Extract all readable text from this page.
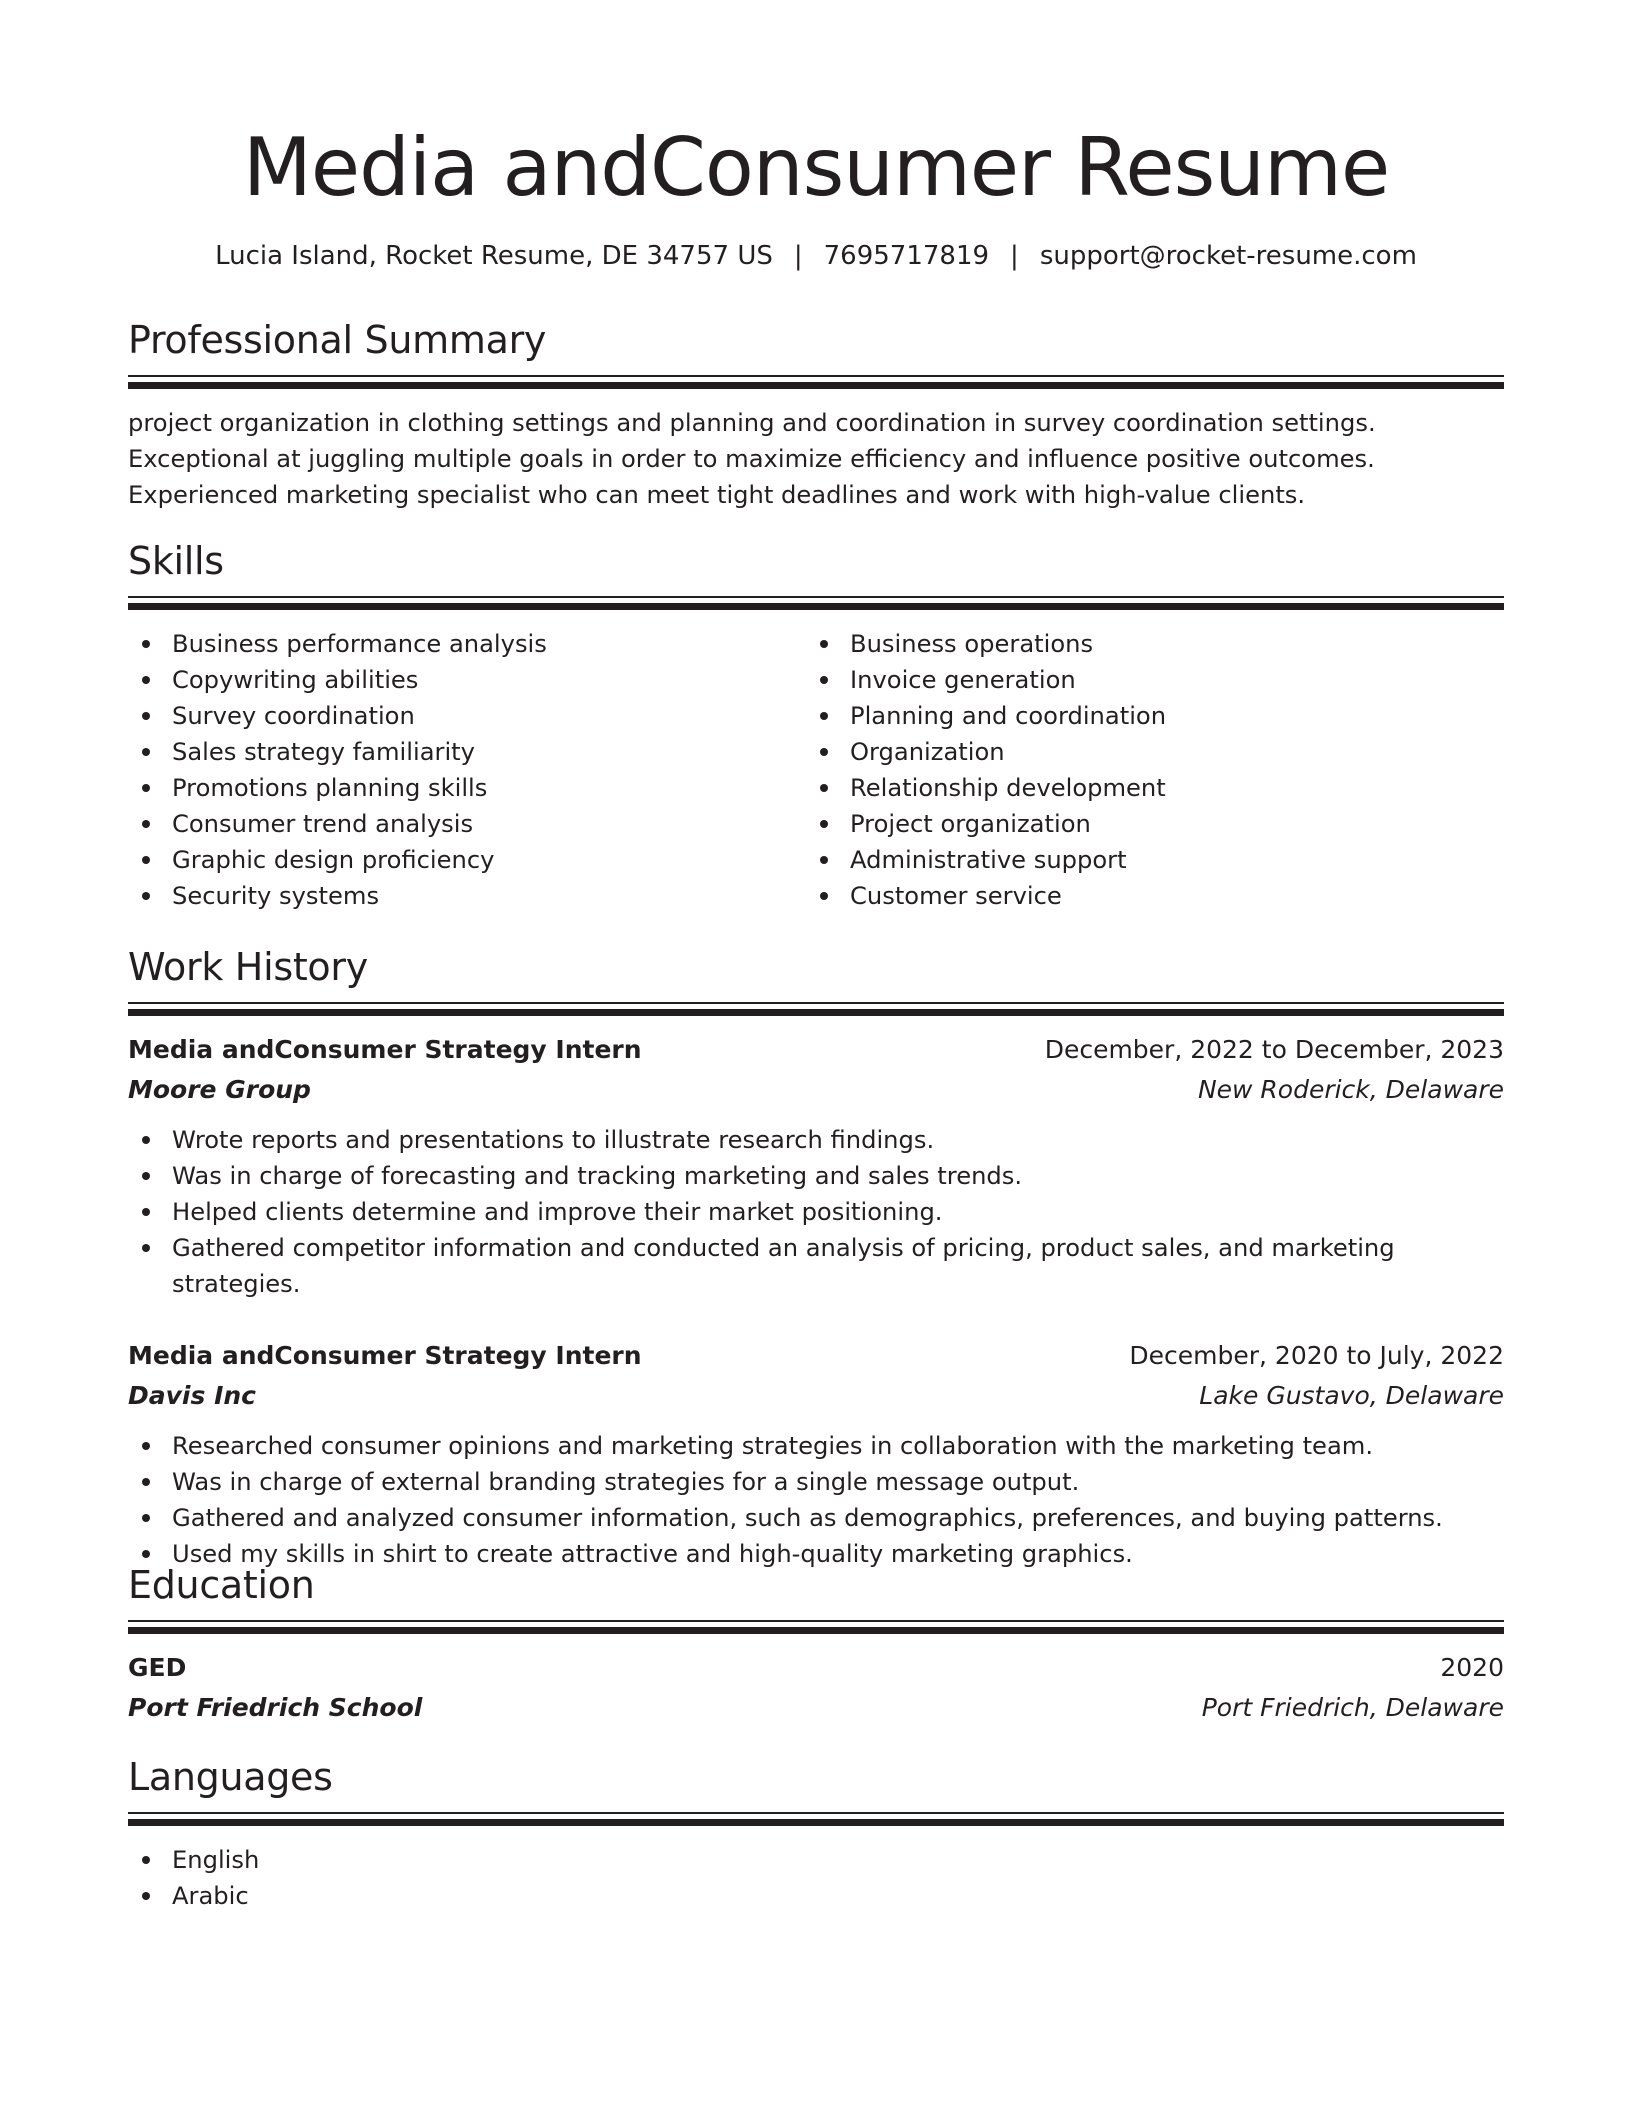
Media andConsumer Resume
Lucia Island, Rocket Resume, DE 34757 US | 7695717819 | support@rocket-resume.com
Professional Summary
project organization in clothing settings and planning and coordination in survey coordination settings. Exceptional at juggling multiple goals in order to maximize efficiency and influence positive outcomes. Experienced marketing specialist who can meet tight deadlines and work with high-value clients.
Skills
Business performance analysis
Copywriting abilities
Survey coordination
Sales strategy familiarity
Promotions planning skills
Consumer trend analysis
Graphic design proficiency
Security systems
Business operations
Invoice generation
Planning and coordination
Organization
Relationship development
Project organization
Administrative support
Customer service
Work History
Media andConsumer Strategy Intern	December, 2022 to December, 2023
Moore Group	New Roderick, Delaware
Wrote reports and presentations to illustrate research findings.
Was in charge of forecasting and tracking marketing and sales trends.
Helped clients determine and improve their market positioning.
Gathered competitor information and conducted an analysis of pricing, product sales, and marketing strategies.
Media andConsumer Strategy Intern	December, 2020 to July, 2022
Davis Inc	Lake Gustavo, Delaware
Researched consumer opinions and marketing strategies in collaboration with the marketing team.
Was in charge of external branding strategies for a single message output.
Gathered and analyzed consumer information, such as demographics, preferences, and buying patterns.
Used my skills in shirt to create attractive and high-quality marketing graphics.
Education
GED	2020
Port Friedrich School	Port Friedrich, Delaware
Languages
English
Arabic
